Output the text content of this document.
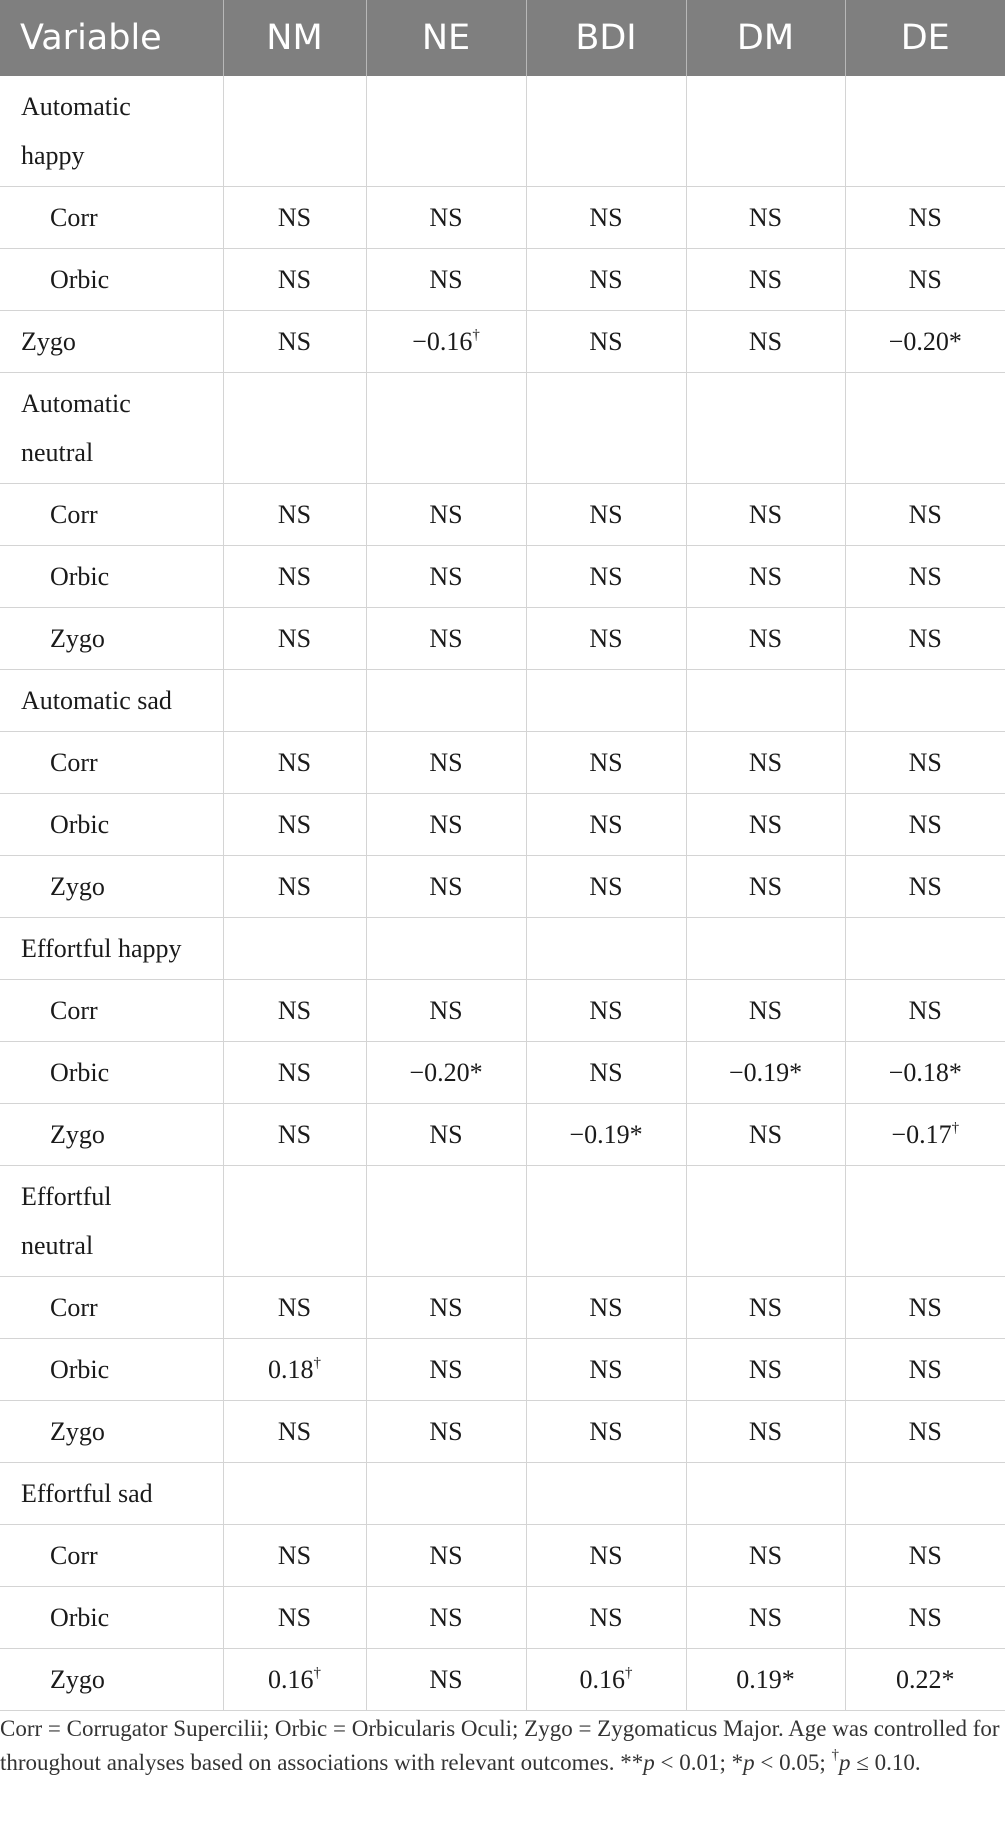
Variable	NM	NE	BDI	DM	DE
Automatic happy					
Corr	NS	NS	NS	NS	NS
Orbic	NS	NS	NS	NS	NS
Zygo	NS	−0.16†	NS	NS	−0.20*
Automatic neutral					
Corr	NS	NS	NS	NS	NS
Orbic	NS	NS	NS	NS	NS
Zygo	NS	NS	NS	NS	NS
Automatic sad					
Corr	NS	NS	NS	NS	NS
Orbic	NS	NS	NS	NS	NS
Zygo	NS	NS	NS	NS	NS
Effortful happy					
Corr	NS	NS	NS	NS	NS
Orbic	NS	−0.20*	NS	−0.19*	−0.18*
Zygo	NS	NS	−0.19*	NS	−0.17†
Effortful neutral					
Corr	NS	NS	NS	NS	NS
Orbic	0.18†	NS	NS	NS	NS
Zygo	NS	NS	NS	NS	NS
Effortful sad					
Corr	NS	NS	NS	NS	NS
Orbic	NS	NS	NS	NS	NS
Zygo	0.16†	NS	0.16†	0.19*	0.22*
Corr = Corrugator Supercilii; Orbic = Orbicularis Oculi; Zygo = Zygomaticus Major. Age was controlled for throughout analyses based on associations with relevant outcomes. **p < 0.01; *p < 0.05; †p ≤ 0.10.
